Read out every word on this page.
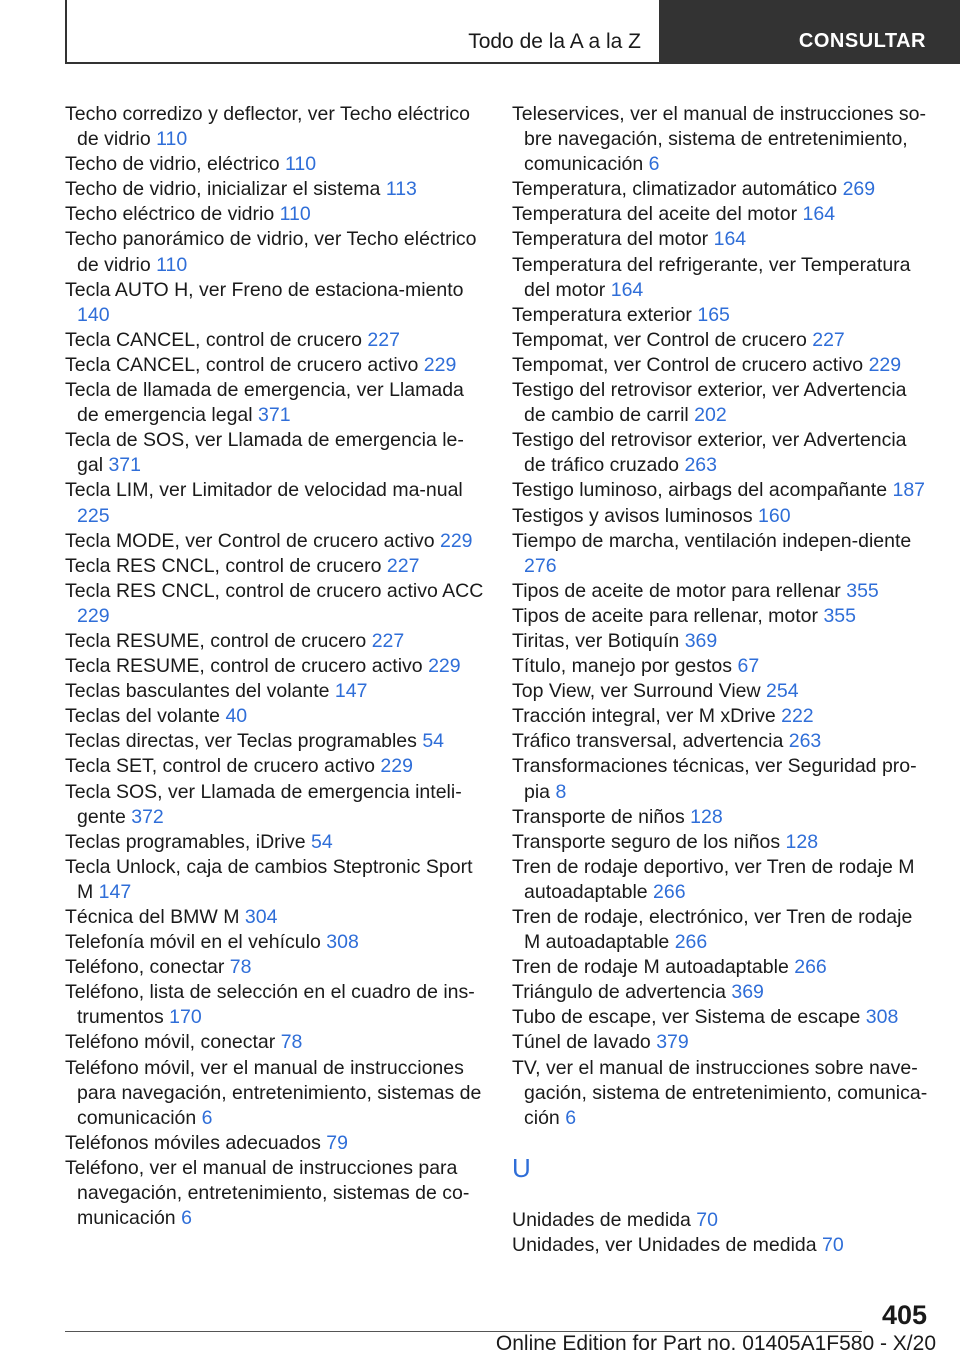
Todo de la A a la Z	CONSULTAR

Techo corredizo y deflector, ver Techo eléctrico de vidrio 110

Techo de vidrio, eléctrico 110

Techo de vidrio, inicializar el sistema 113

Techo eléctrico de vidrio 110

Techo panorámico de vidrio, ver Techo eléctrico de vidrio 110

Tecla AUTO H, ver Freno de estaciona-miento 140

Tecla CANCEL, control de crucero 227

Tecla CANCEL, control de crucero activo 229

Tecla de llamada de emergencia, ver Llamada de emergencia legal 371

Tecla de SOS, ver Llamada de emergencia le-gal 371

Tecla LIM, ver Limitador de velocidad ma-nual 225

Tecla MODE, ver Control de crucero activo 229

Tecla RES CNCL, control de crucero 227

Tecla RES CNCL, control de crucero activo ACC 229

Tecla RESUME, control de crucero 227

Tecla RESUME, control de crucero activo 229

Teclas basculantes del volante 147

Teclas del volante 40

Teclas directas, ver Teclas programables 54

Tecla SET, control de crucero activo 229

Tecla SOS, ver Llamada de emergencia inteli-gente 372

Teclas programables, iDrive 54

Tecla Unlock, caja de cambios Steptronic Sport M 147

Técnica del BMW M 304

Telefonía móvil en el vehículo 308

Teléfono, conectar 78

Teléfono, lista de selección en el cuadro de ins-trumentos 170

Teléfono móvil, conectar 78

Teléfono móvil, ver el manual de instrucciones para navegación, entretenimiento, sistemas de comunicación 6

Teléfonos móviles adecuados 79

Teléfono, ver el manual de instrucciones para navegación, entretenimiento, sistemas de co-municación 6

Teleservices, ver el manual de instrucciones so-bre navegación, sistema de entretenimiento, comunicación 6

Temperatura, climatizador automático 269

Temperatura del aceite del motor 164

Temperatura del motor 164

Temperatura del refrigerante, ver Temperatura del motor 164

Temperatura exterior 165

Tempomat, ver Control de crucero 227

Tempomat, ver Control de crucero activo 229

Testigo del retrovisor exterior, ver Advertencia de cambio de carril 202

Testigo del retrovisor exterior, ver Advertencia de tráfico cruzado 263

Testigo luminoso, airbags del acompañante 187

Testigos y avisos luminosos 160

Tiempo de marcha, ventilación indepen-diente 276

Tipos de aceite de motor para rellenar 355

Tipos de aceite para rellenar, motor 355

Tiritas, ver Botiquín 369

Título, manejo por gestos 67

Top View, ver Surround View 254

Tracción integral, ver M xDrive 222

Tráfico transversal, advertencia 263

Transformaciones técnicas, ver Seguridad pro-pia 8

Transporte de niños 128

Transporte seguro de los niños 128

Tren de rodaje deportivo, ver Tren de rodaje M autoadaptable 266

Tren de rodaje, electrónico, ver Tren de rodaje M autoadaptable 266

Tren de rodaje M autoadaptable 266

Triángulo de advertencia 369

Tubo de escape, ver Sistema de escape 308

Túnel de lavado 379

TV, ver el manual de instrucciones sobre nave-gación, sistema de entretenimiento, comunica-ción 6

U

Unidades de medida 70

Unidades, ver Unidades de medida 70

405
Online Edition for Part no. 01405A1F580 - X/20
